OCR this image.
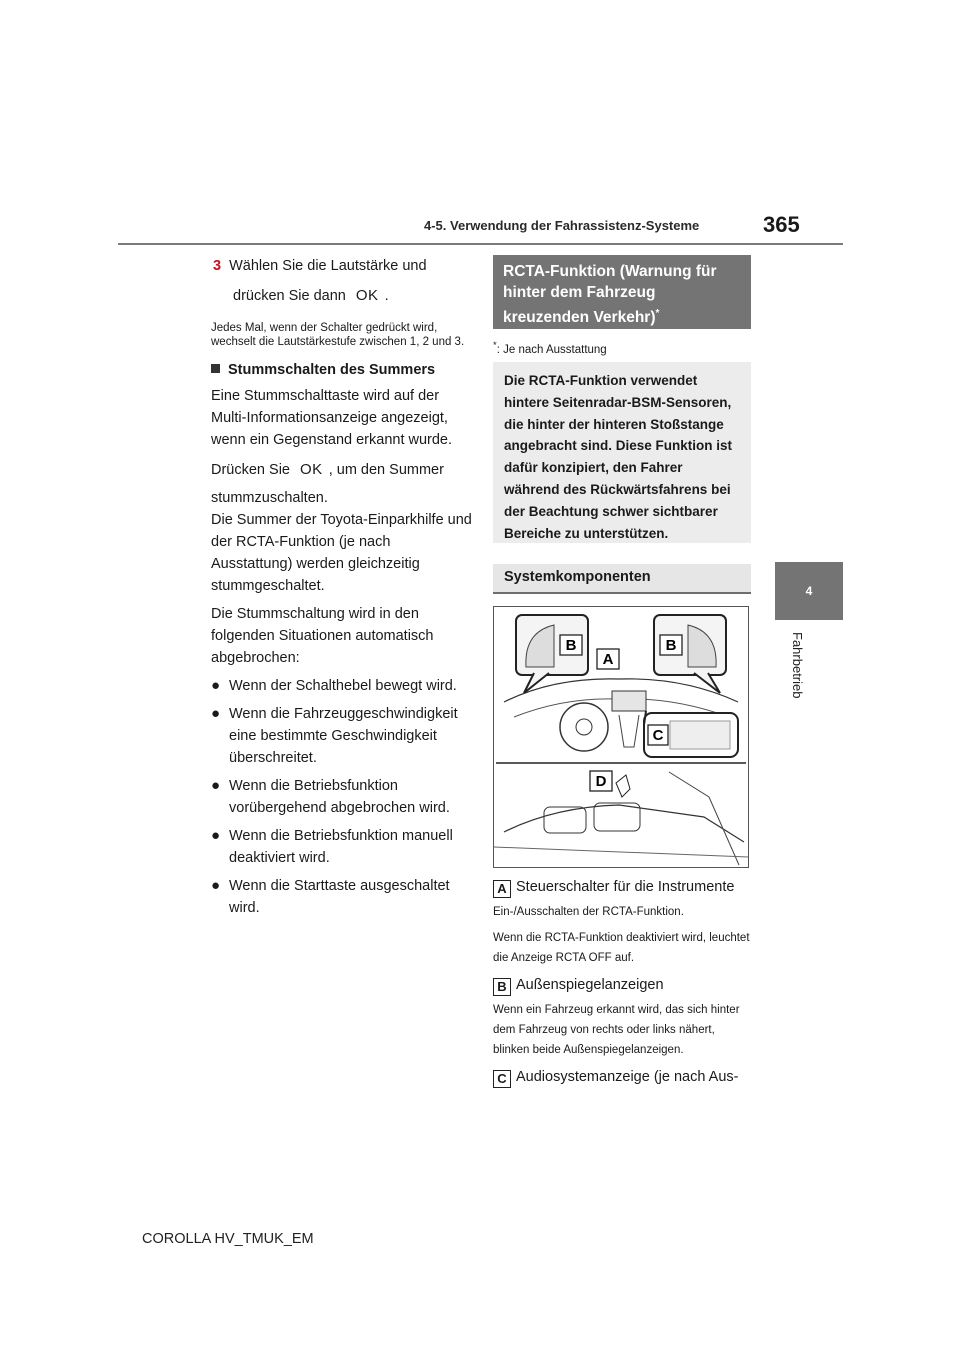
4-5. Verwendung der Fahrassistenz-Systeme	365
4
Fahrbetrieb

3 Wählen Sie die Lautstärke und

drücken Sie dann OK .

Jedes Mal, wenn der Schalter gedrückt wird, wechselt die Lautstärkestufe zwischen 1, 2 und 3.

Stummschalten des Summers

Eine Stummschalttaste wird auf der Multi-Informationsanzeige angezeigt, wenn ein Gegenstand erkannt wurde.

Drücken Sie OK , um den Summer

stummzuschalten.

Die Summer der Toyota-Einparkhilfe und der RCTA-Funktion (je nach Ausstattung) werden gleichzeitig stummgeschaltet.

Die Stummschaltung wird in den folgenden Situationen automatisch abgebrochen:

● Wenn der Schalthebel bewegt wird.
● Wenn die Fahrzeuggeschwindigkeit eine bestimmte Geschwindigkeit überschreitet.
● Wenn die Betriebsfunktion vorübergehend abgebrochen wird.
● Wenn die Betriebsfunktion manuell deaktiviert wird.
● Wenn die Starttaste ausgeschaltet wird.
RCTA-Funktion (Warnung für hinter dem Fahrzeug kreuzenden Verkehr)*
*: Je nach Ausstattung
Die RCTA-Funktion verwendet hintere Seitenradar-BSM-Sensoren, die hinter der hinteren Stoßstange angebracht sind. Diese Funktion ist dafür konzipiert, den Fahrer während des Rückwärtsfahrens bei der Beachtung schwer sichtbarer Bereiche zu unterstützen.
Systemkomponenten
B	B
A
C
D

A Steuerschalter für die Instrumente

Ein-/Ausschalten der RCTA-Funktion.

Wenn die RCTA-Funktion deaktiviert wird, leuchtet die Anzeige RCTA OFF auf.

B Außenspiegelanzeigen

Wenn ein Fahrzeug erkannt wird, das sich hinter dem Fahrzeug von rechts oder links nähert, blinken beide Außenspiegelanzeigen.

C Audiosystemanzeige (je nach Aus-

COROLLA HV_TMUK_EM
